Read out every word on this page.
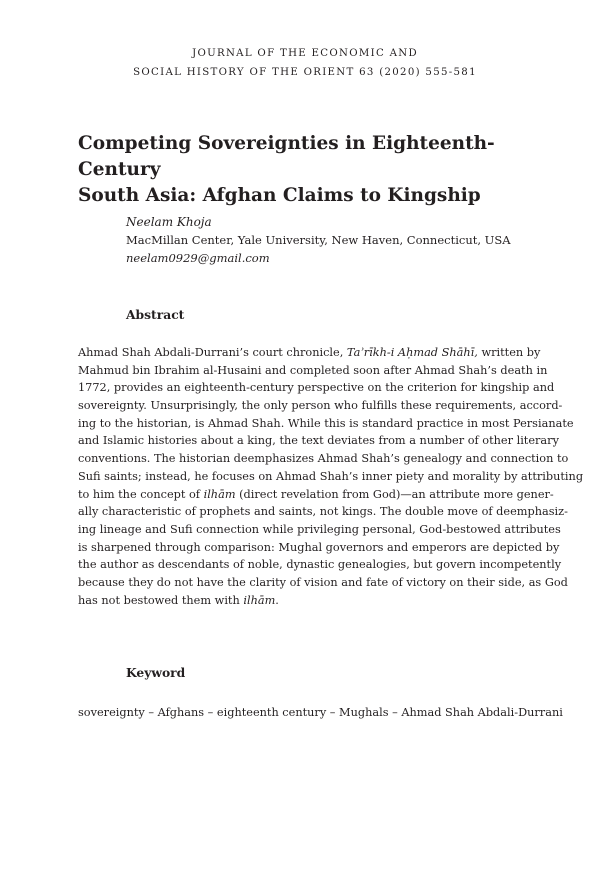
JOURNAL OF THE ECONOMIC AND
SOCIAL HISTORY OF THE ORIENT 63 (2020) 555-581
Competing Sovereignties in Eighteenth-Century
South Asia: Afghan Claims to Kingship
Neelam Khoja
MacMillan Center, Yale University, New Haven, Connecticut, USA
neelam0929@gmail.com
Abstract

Ahmad Shah Abdali-Durrani’s court chronicle, Taʾrīkh-i Aḥmad Shāhī, written by
Mahmud bin Ibrahim al-Husaini and completed soon after Ahmad Shah’s death in
1772, provides an eighteenth-century perspective on the criterion for kingship and
sovereignty. Unsurprisingly, the only person who fulfills these requirements, accord-
ing to the historian, is Ahmad Shah. While this is standard practice in most Persianate
and Islamic histories about a king, the text deviates from a number of other literary
conventions. The historian deemphasizes Ahmad Shah’s genealogy and connection to
Sufi saints; instead, he focuses on Ahmad Shah’s inner piety and morality by attributing
to him the concept of ilhām (direct revelation from God)—an attribute more gener-
ally characteristic of prophets and saints, not kings. The double move of deemphasiz-
ing lineage and Sufi connection while privileging personal, God-bestowed attributes
is sharpened through comparison: Mughal governors and emperors are depicted by
the author as descendants of noble, dynastic genealogies, but govern incompetently
because they do not have the clarity of vision and fate of victory on their side, as God
has not bestowed them with ilhām.

Keyword

sovereignty – Afghans – eighteenth century – Mughals – Ahmad Shah Abdali-Durrani
